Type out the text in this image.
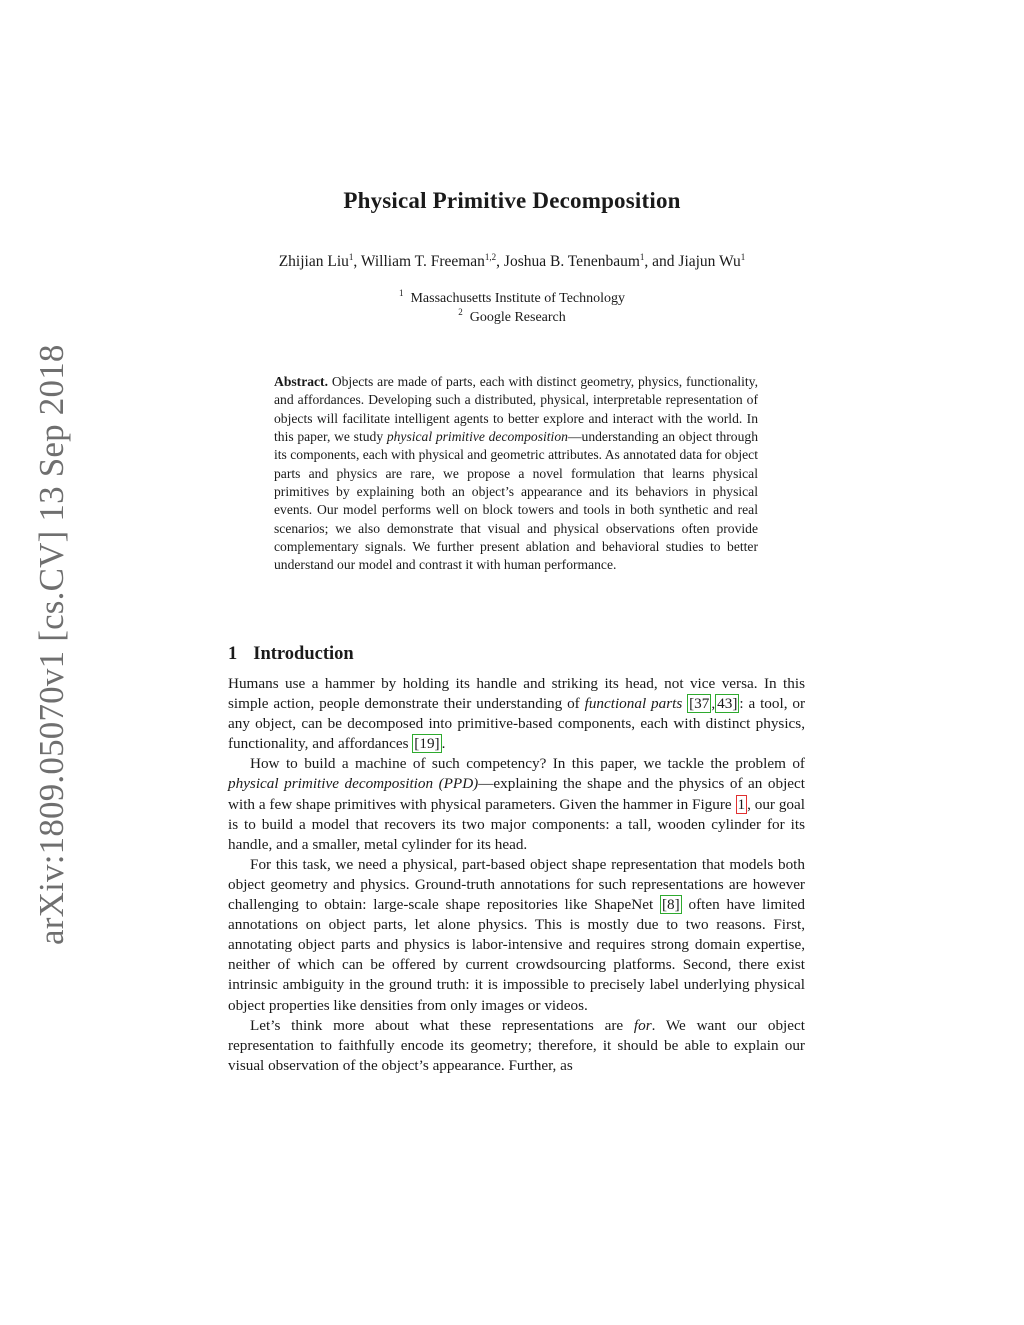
arXiv:1809.05070v1 [cs.CV] 13 Sep 2018
Physical Primitive Decomposition
Zhijian Liu$^1$, William T. Freeman$^{1,2}$, Joshua B. Tenenbaum$^1$, and Jiajun Wu$^1$
$^1$ Massachusetts Institute of Technology
$^2$ Google Research
Abstract. Objects are made of parts, each with distinct geometry, physics, functionality, and affordances. Developing such a distributed, physical, interpretable representation of objects will facilitate intelligent agents to better explore and interact with the world. In this paper, we study physical primitive decomposition—understanding an object through its components, each with physical and geometric attributes. As annotated data for object parts and physics are rare, we propose a novel formulation that learns physical primitives by explaining both an object’s appearance and its behaviors in physical events. Our model performs well on block towers and tools in both synthetic and real scenarios; we also demonstrate that visual and physical observations often provide complementary signals. We further present ablation and behavioral studies to better understand our model and contrast it with human performance.
1 Introduction

Humans use a hammer by holding its handle and striking its head, not vice versa. In this simple action, people demonstrate their understanding of functional parts [37 , 43] : a tool, or any object, can be decomposed into primitive-based components, each with distinct physics, functionality, and affordances [19] .

How to build a machine of such competency? In this paper, we tackle the problem of physical primitive decomposition (PPD)—explaining the shape and the physics of an object with a few shape primitives with physical parameters. Given the hammer in Figure 1 , our goal is to build a model that recovers its two major components: a tall, wooden cylinder for its handle, and a smaller, metal cylinder for its head.

For this task, we need a physical, part-based object shape representation that models both object geometry and physics. Ground-truth annotations for such representations are however challenging to obtain: large-scale shape repositories like ShapeNet [8] often have limited annotations on object parts, let alone physics. This is mostly due to two reasons. First, annotating object parts and physics is labor-intensive and requires strong domain expertise, neither of which can be offered by current crowdsourcing platforms. Second, there exist intrinsic ambiguity in the ground truth: it is impossible to precisely label underlying physical object properties like densities from only images or videos.

Let’s think more about what these representations are for. We want our object representation to faithfully encode its geometry; therefore, it should be able to explain our visual observation of the object’s appearance. Further, as
